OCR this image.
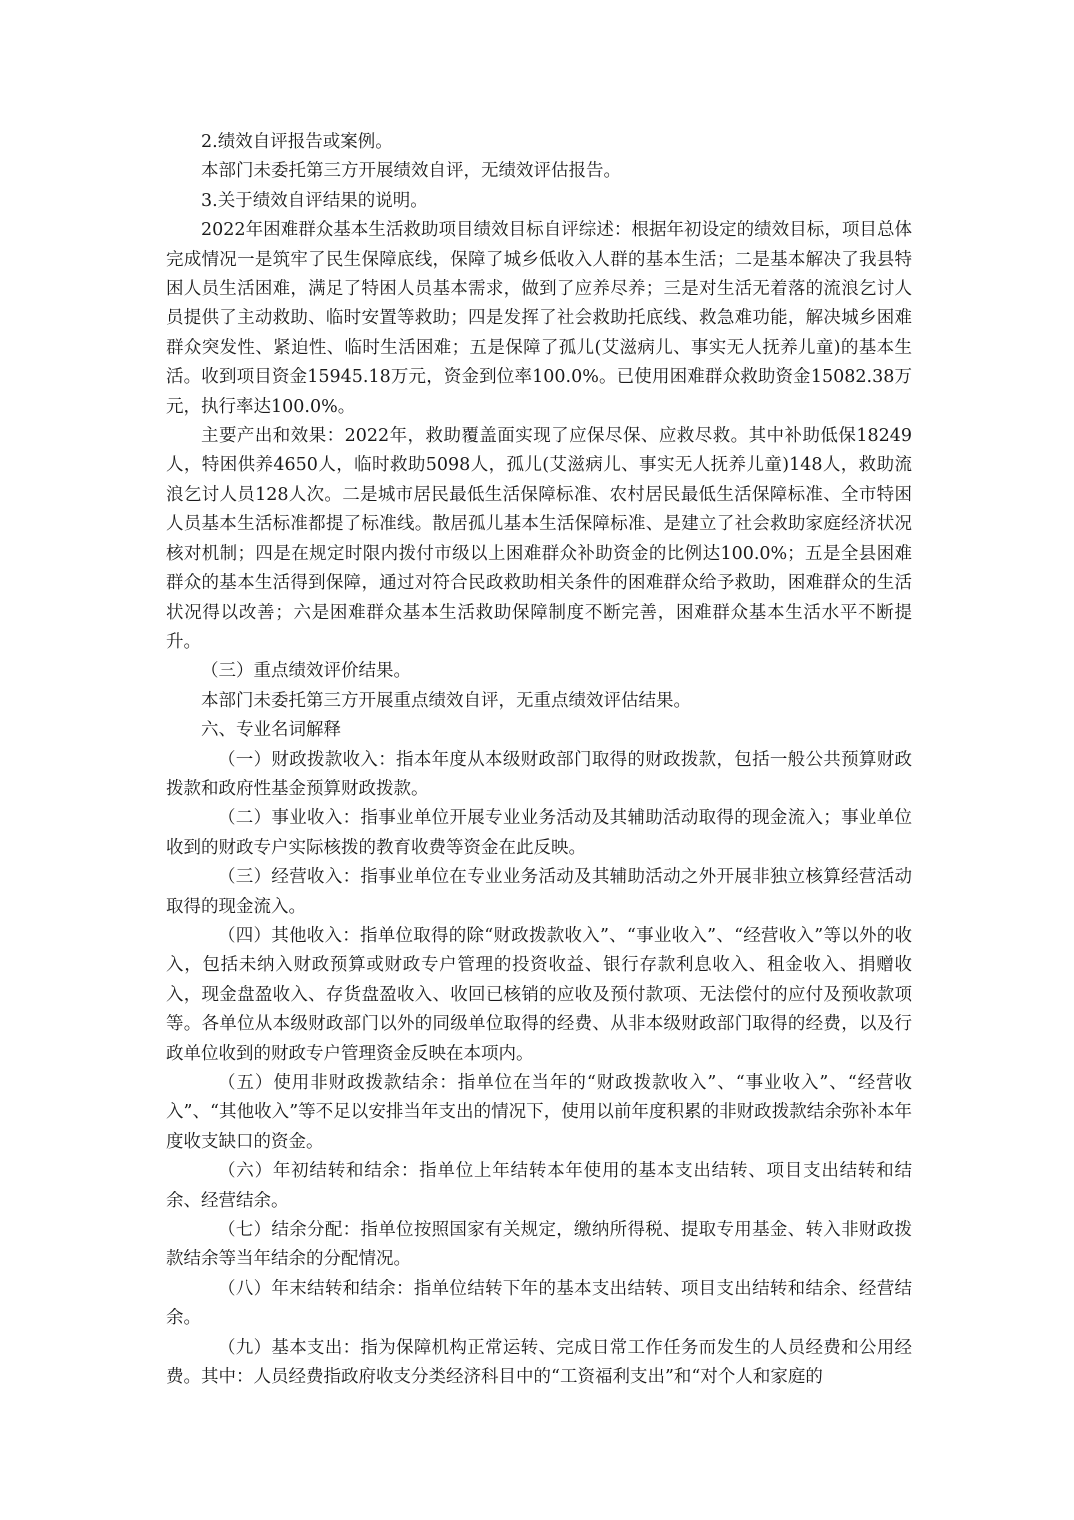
2.绩效自评报告或案例。

本部门未委托第三方开展绩效自评，无绩效评估报告。

3.关于绩效自评结果的说明。

2022年困难群众基本生活救助项目绩效目标自评综述：根据年初设定的绩效目标，项目总体完成情况一是筑牢了民生保障底线，保障了城乡低收入人群的基本生活；二是基本解决了我县特困人员生活困难，满足了特困人员基本需求，做到了应养尽养；三是对生活无着落的流浪乞讨人员提供了主动救助、临时安置等救助；四是发挥了社会救助托底线、救急难功能，解决城乡困难群众突发性、紧迫性、临时生活困难；五是保障了孤儿(艾滋病儿、事实无人抚养儿童)的基本生活。收到项目资金15945.18万元，资金到位率100.0%。已使用困难群众救助资金15082.38万元，执行率达100.0%。

主要产出和效果：2022年，救助覆盖面实现了应保尽保、应救尽救。其中补助低保18249人，特困供养4650人，临时救助5098人，孤儿(艾滋病儿、事实无人抚养儿童)148人，救助流浪乞讨人员128人次。二是城市居民最低生活保障标准、农村居民最低生活保障标准、全市特困人员基本生活标准都提了标准线。散居孤儿基本生活保障标准、是建立了社会救助家庭经济状况核对机制；四是在规定时限内拨付市级以上困难群众补助资金的比例达100.0%；五是全县困难群众的基本生活得到保障，通过对符合民政救助相关条件的困难群众给予救助，困难群众的生活状况得以改善；六是困难群众基本生活救助保障制度不断完善，困难群众基本生活水平不断提升。

（三）重点绩效评价结果。

本部门未委托第三方开展重点绩效自评，无重点绩效评估结果。

六、专业名词解释

（一）财政拨款收入：指本年度从本级财政部门取得的财政拨款，包括一般公共预算财政拨款和政府性基金预算财政拨款。

（二）事业收入：指事业单位开展专业业务活动及其辅助活动取得的现金流入；事业单位收到的财政专户实际核拨的教育收费等资金在此反映。

（三）经营收入：指事业单位在专业业务活动及其辅助活动之外开展非独立核算经营活动取得的现金流入。

（四）其他收入：指单位取得的除“财政拨款收入”、“事业收入”、“经营收入”等以外的收入，包括未纳入财政预算或财政专户管理的投资收益、银行存款利息收入、租金收入、捐赠收入，现金盘盈收入、存货盘盈收入、收回已核销的应收及预付款项、无法偿付的应付及预收款项等。各单位从本级财政部门以外的同级单位取得的经费、从非本级财政部门取得的经费，以及行政单位收到的财政专户管理资金反映在本项内。

（五）使用非财政拨款结余：指单位在当年的“财政拨款收入”、“事业收入”、“经营收入”、“其他收入”等不足以安排当年支出的情况下，使用以前年度积累的非财政拨款结余弥补本年度收支缺口的资金。

（六）年初结转和结余：指单位上年结转本年使用的基本支出结转、项目支出结转和结余、经营结余。

（七）结余分配：指单位按照国家有关规定，缴纳所得税、提取专用基金、转入非财政拨款结余等当年结余的分配情况。

（八）年末结转和结余：指单位结转下年的基本支出结转、项目支出结转和结余、经营结余。

（九）基本支出：指为保障机构正常运转、完成日常工作任务而发生的人员经费和公用经费。其中：人员经费指政府收支分类经济科目中的“工资福利支出”和“对个人和家庭的
